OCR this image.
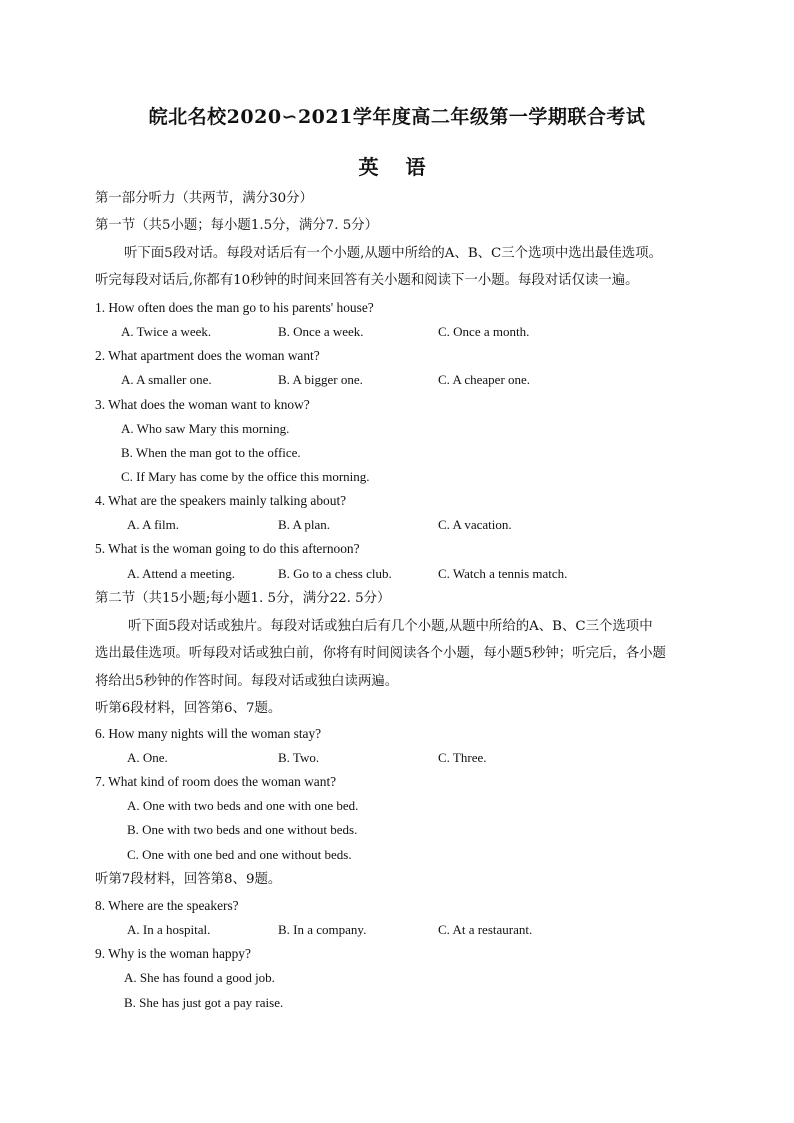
皖北名校2020∽2021学年度高二年级第一学期联合考试
英 语
第一部分听力（共两节，满分30分）
第一节（共5小题；每小题1.5分，满分7. 5分）
听下面5段对话。每段对话后有一个小题,从题中所给的A、B、C三个选项中选出最佳选项。
听完每段对话后,你都有10秒钟的时间来回答有关小题和阅读下一小题。每段对话仅读一遍。
1. How often does the man go to his parents' house?
A. Twice a week.	B. Once a week.	C. Once a month.
2. What apartment does the woman want?
A. A smaller one.	B. A bigger one.	C. A cheaper one.
3. What does the woman want to know?
A. Who saw Mary this morning.
B. When the man got to the office.
C. If Mary has come by the office this morning.
4. What are the speakers mainly talking about?
A. A film.	B. A plan.	C. A vacation.
5. What is the woman going to do this afternoon?
A. Attend a meeting.	B. Go to a chess club.	C. Watch a tennis match.
第二节（共15小题;每小题1. 5分，满分22. 5分）
听下面5段对话或独片。每段对话或独白后有几个小题,从题中所给的A、B、C三个选项中
选出最佳选项。听每段对话或独白前，你将有时间阅读各个小题，每小题5秒钟；听完后，各小题
将给出5秒钟的作答时间。每段对话或独白读两遍。
听第6段材料，回答第6、7题。
6. How many nights will the woman stay?
A. One.	B. Two.	C. Three.
7. What kind of room does the woman want?
A. One with two beds and one with one bed.
B. One with two beds and one without beds.
C. One with one bed and one without beds.
听第7段材料，回答第8、9题。
8. Where are the speakers?
A. In a hospital.	B. In a company.	C. At a restaurant.
9. Why is the woman happy?
A. She has found a good job.
B. She has just got a pay raise.
